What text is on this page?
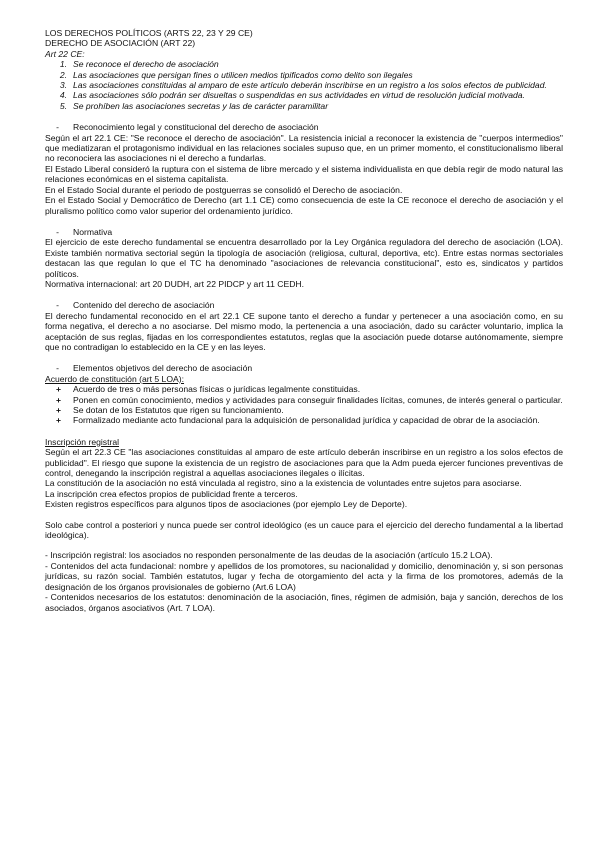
LOS DERECHOS POLÍTICOS (ARTS 22, 23 Y 29 CE)

DERECHO DE ASOCIACIÓN (ART 22)

Art 22 CE:

1. Se reconoce el derecho de asociación
2. Las asociaciones que persigan fines o utilicen medios tipificados como delito son ilegales
3. Las asociaciones constituidas al amparo de este artículo deberán inscribirse en un registro a los solos efectos de publicidad.
4. Las asociaciones sólo podrán ser disueltas o suspendidas en sus actividades en virtud de resolución judicial motivada.
5. Se prohíben las asociaciones secretas y las de carácter paramilitar
-	Reconocimiento legal y constitucional del derecho de asociación

Según el art 22.1 CE: "Se reconoce el derecho de asociación". La resistencia inicial a reconocer la existencia de "cuerpos intermedios" que mediatizaran el protagonismo individual en las relaciones sociales supuso que, en un primer momento, el constitucionalismo liberal no reconociera las asociaciones ni el derecho a fundarlas.

El Estado Liberal consideró la ruptura con el sistema de libre mercado y el sistema individualista en que debía regir de modo natural las relaciones económicas en el sistema capitalista.

En el Estado Social durante el periodo de postguerras se consolidó el Derecho de asociación.

En el Estado Social y Democrático de Derecho (art 1.1 CE) como consecuencia de este la CE reconoce el derecho de asociación y el pluralismo político como valor superior del ordenamiento jurídico.

-	Normativa

El ejercicio de este derecho fundamental se encuentra desarrollado por la Ley Orgánica reguladora del derecho de asociación (LOA). Existe también normativa sectorial según la tipología de asociación (religiosa, cultural, deportiva, etc). Entre estas normas sectoriales destacan las que regulan lo que el TC ha denominado "asociaciones de relevancia constitucional", esto es, sindicatos y partidos políticos.

Normativa internacional: art 20 DUDH, art 22 PIDCP y art 11 CEDH.

-	Contenido del derecho de asociación

El derecho fundamental reconocido en el art 22.1 CE supone tanto el derecho a fundar y pertenecer a una asociación como, en su forma negativa, el derecho a no asociarse. Del mismo modo, la pertenencia a una asociación, dado su carácter voluntario, implica la aceptación de sus reglas, fijadas en los correspondientes estatutos, reglas que la asociación puede dotarse autónomamente, siempre que no contradigan lo establecido en la CE y en las leyes.

-	Elementos objetivos del derecho de asociación

Acuerdo de constitución (art 5 LOA):

+	Acuerdo de tres o más personas físicas o jurídicas legalmente constituidas.
+	Ponen en común conocimiento, medios y actividades para conseguir finalidades lícitas, comunes, de interés general o particular.
+	Se dotan de los Estatutos que rigen su funcionamiento.
+	Formalizado mediante acto fundacional para la adquisición de personalidad jurídica y capacidad de obrar de la asociación.

Inscripción registral

Según el art 22.3 CE "las asociaciones constituidas al amparo de este artículo deberán inscribirse en un registro a los solos efectos de publicidad". El riesgo que supone la existencia de un registro de asociaciones para que la Adm pueda ejercer funciones preventivas de control, denegando la inscripción registral a aquellas asociaciones ilegales o ilícitas.

La constitución de la asociación no está vinculada al registro, sino a la existencia de voluntades entre sujetos para asociarse.

La inscripción crea efectos propios de publicidad frente a terceros.

Existen registros específicos para algunos tipos de asociaciones (por ejemplo Ley de Deporte).

Solo cabe control a posteriori y nunca puede ser control ideológico (es un cauce para el ejercicio del derecho fundamental a la libertad ideológica).

- Inscripción registral: los asociados no responden personalmente de las deudas de la asociación (artículo 15.2 LOA).

- Contenidos del acta fundacional: nombre y apellidos de los promotores, su nacionalidad y domicilio, denominación y, si son personas jurídicas, su razón social. También estatutos, lugar y fecha de otorgamiento del acta y la firma de los promotores, además de la designación de los órganos provisionales de gobierno (Art.6 LOA)

- Contenidos necesarios de los estatutos: denominación de la asociación, fines, régimen de admisión, baja y sanción, derechos de los asociados, órganos asociativos (Art. 7 LOA).
